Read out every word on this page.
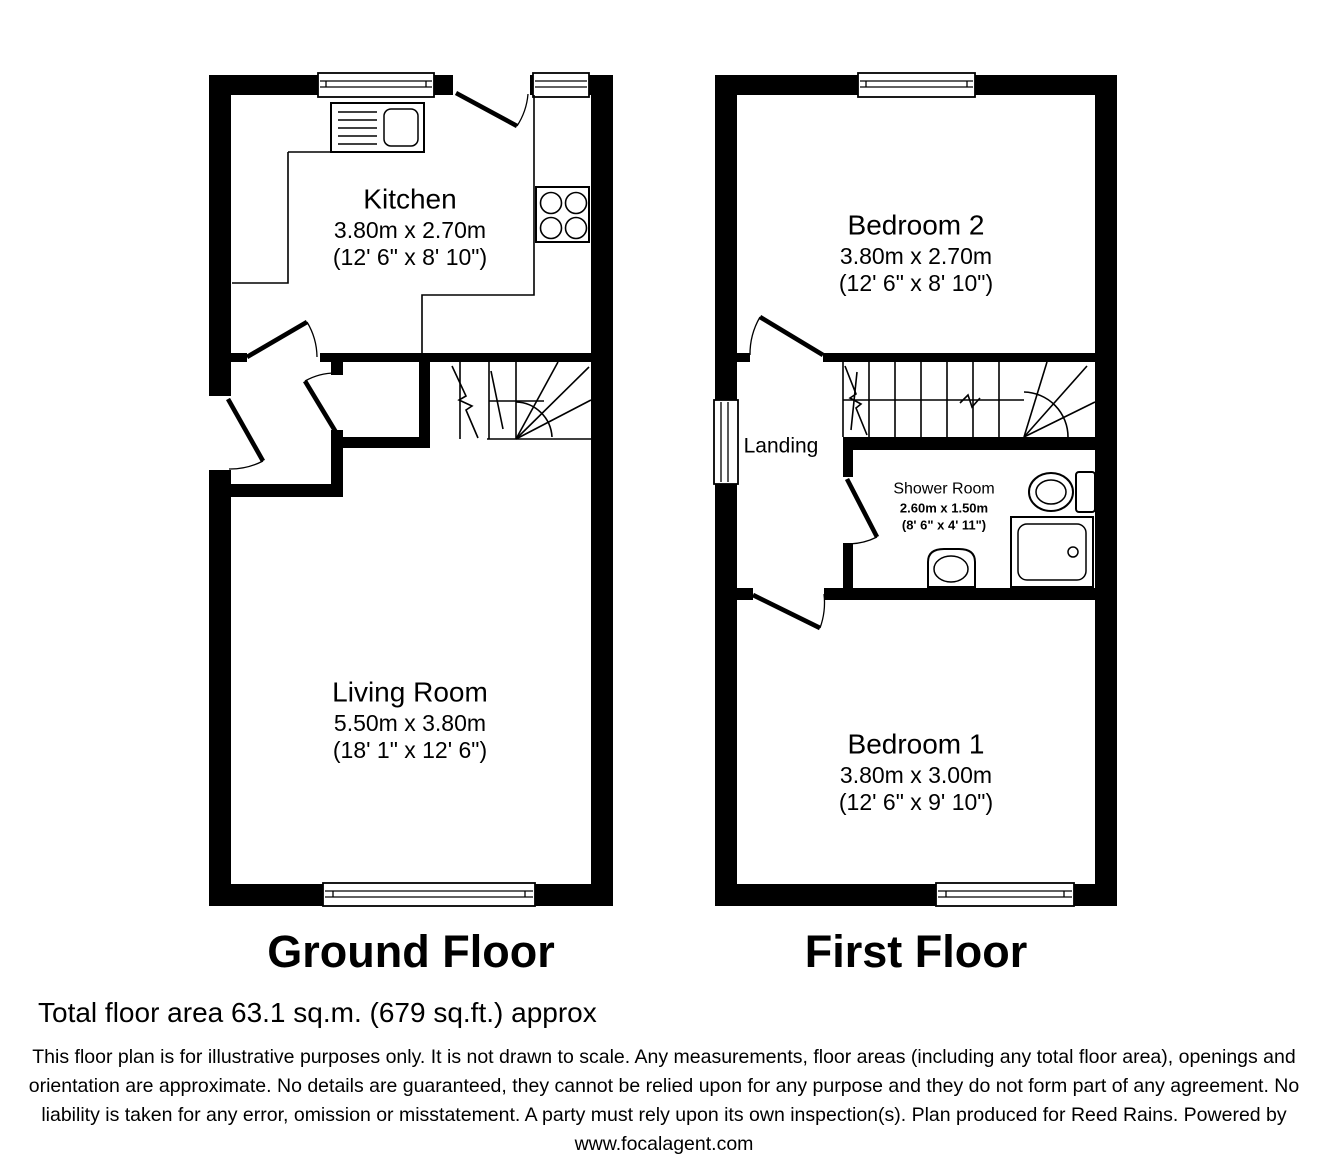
Kitchen
3.80m x 2.70m
(12' 6" x 8' 10")
Living Room
5.50m x 3.80m
(18' 1" x 12' 6")
Bedroom 2
3.80m x 2.70m
(12' 6" x 8' 10")
Landing
Shower Room
2.60m x 1.50m
(8' 6" x 4' 11")
Bedroom 1
3.80m x 3.00m
(12' 6" x 9' 10")
Ground Floor	First Floor
Total floor area 63.1 sq.m. (679 sq.ft.) approx
This floor plan is for illustrative purposes only. It is not drawn to scale. Any measurements, floor areas (including any total floor area), openings and
orientation are approximate. No details are guaranteed, they cannot be relied upon for any purpose and they do not form part of any agreement. No
liability is taken for any error, omission or misstatement. A party must rely upon its own inspection(s). Plan produced for Reed Rains. Powered by
www.focalagent.com
